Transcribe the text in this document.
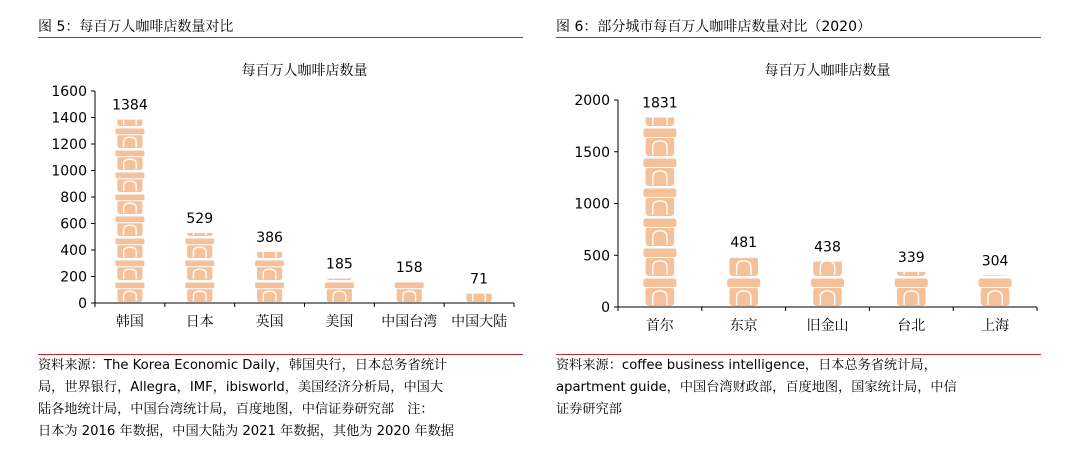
图 5：每百万人咖啡店数量对比
每百万人咖啡店数量
0
200
400
600
800
1000
1200
1400
1600
1384
韩国
529
日本
386
英国
185
美国
158
中国台湾
71
中国大陆
资料来源：The Korea Economic Daily，韩国央行，日本总务省统计
局，世界银行，Allegra，IMF，ibisworld，美国经济分析局，中国大
陆各地统计局，中国台湾统计局，百度地图，中信证券研究部　注：
日本为 2016 年数据，中国大陆为 2021 年数据，其他为 2020 年数据
图 6：部分城市每百万人咖啡店数量对比（2020）
每百万人咖啡店数量
0
500
1000
1500
2000 1831
首尔
481
东京
438
旧金山
339
台北
304
上海
资料来源：coffee business intelligence，日本总务省统计局，
apartment guide，中国台湾财政部，百度地图，国家统计局，中信
证券研究部
